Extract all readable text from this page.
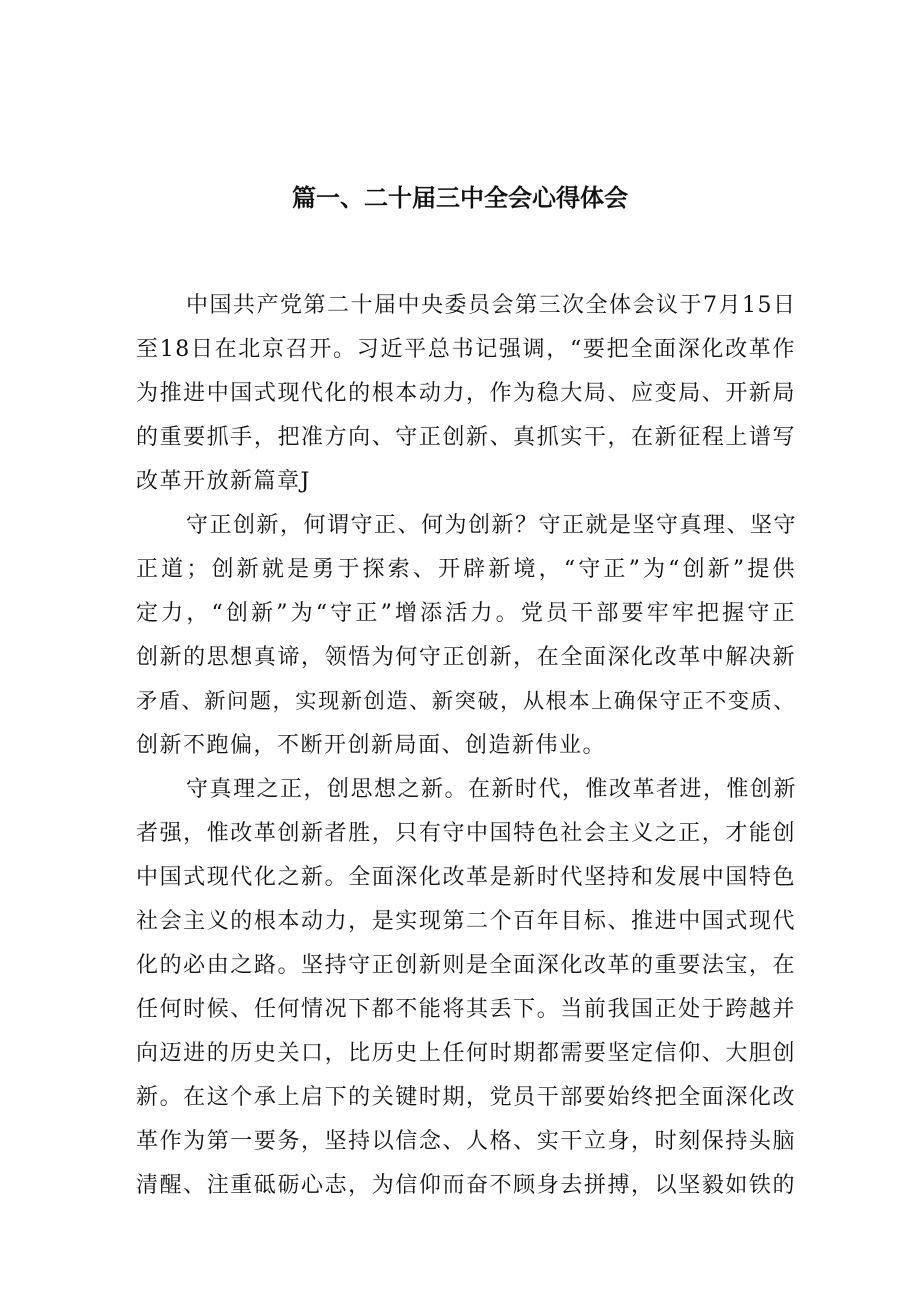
篇一、二十届三中全会心得体会

中国共产党第二十届中央委员会第三次全体会议于7月15日
至18日在北京召开。习近平总书记强调，“要把全面深化改革作
为推进中国式现代化的根本动力，作为稳大局、应变局、开新局
的重要抓手，把准方向、守正创新、真抓实干，在新征程上谱写
改革开放新篇章J

守正创新，何谓守正、何为创新？守正就是坚守真理、坚守
正道；创新就是勇于探索、开辟新境，“守正”为“创新”提供
定力，“创新”为“守正”增添活力。党员干部要牢牢把握守正
创新的思想真谛，领悟为何守正创新，在全面深化改革中解决新
矛盾、新问题，实现新创造、新突破，从根本上确保守正不变质、
创新不跑偏，不断开创新局面、创造新伟业。

守真理之正，创思想之新。在新时代，惟改革者进，惟创新
者强，惟改革创新者胜，只有守中国特色社会主义之正，才能创
中国式现代化之新。全面深化改革是新时代坚持和发展中国特色
社会主义的根本动力，是实现第二个百年目标、推进中国式现代
化的必由之路。坚持守正创新则是全面深化改革的重要法宝，在
任何时候、任何情况下都不能将其丢下。当前我国正处于跨越并
向迈进的历史关口，比历史上任何时期都需要坚定信仰、大胆创
新。在这个承上启下的关键时期，党员干部要始终把全面深化改
革作为第一要务，坚持以信念、人格、实干立身，时刻保持头脑
清醒、注重砥砺心志，为信仰而奋不顾身去拼搏，以坚毅如铁的
